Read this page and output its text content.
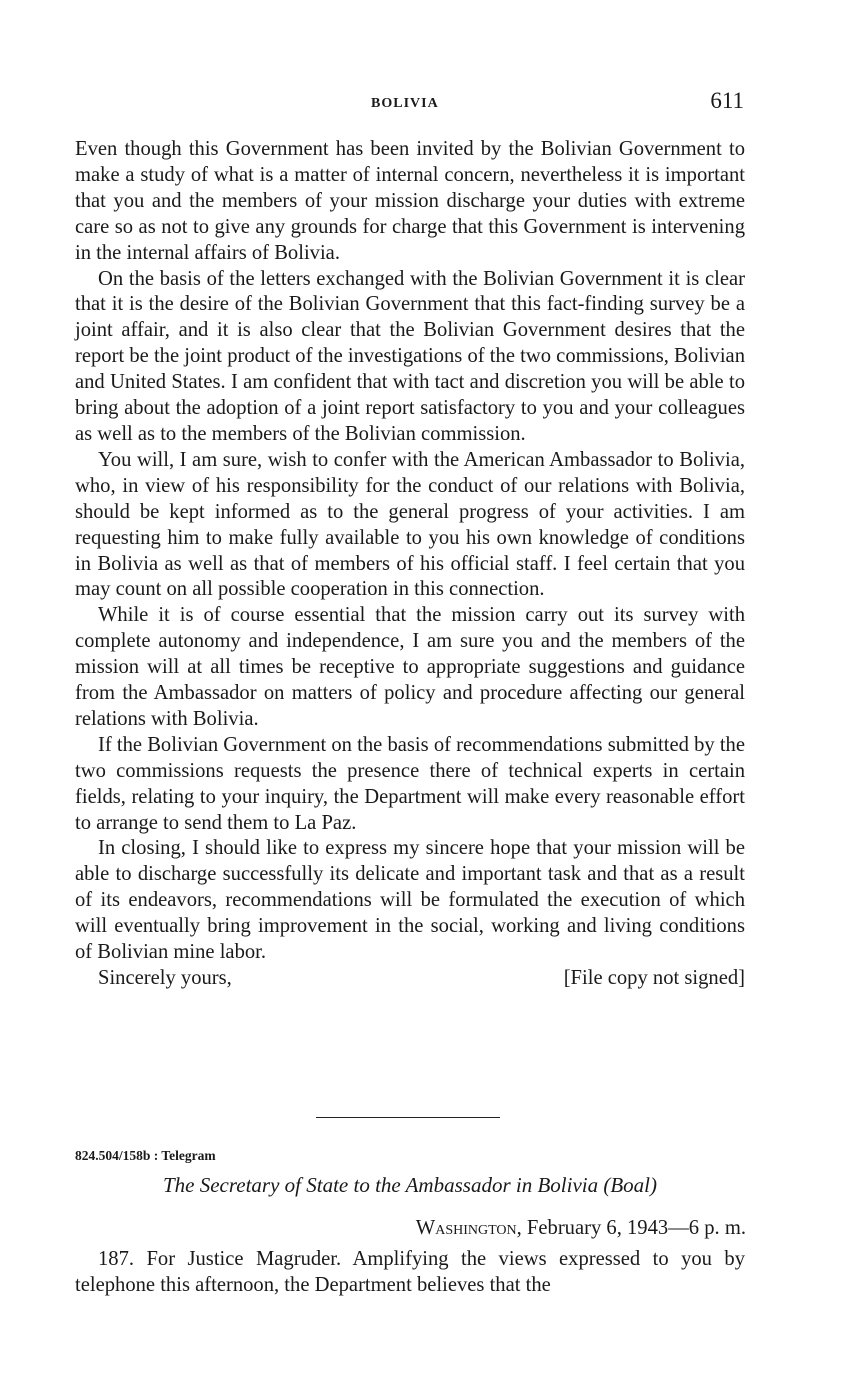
BOLIVIA	611

Even though this Government has been invited by the Bolivian Government to make a study of what is a matter of internal concern, nevertheless it is important that you and the members of your mission discharge your duties with extreme care so as not to give any grounds for charge that this Government is intervening in the internal affairs of Bolivia.

On the basis of the letters exchanged with the Bolivian Government it is clear that it is the desire of the Bolivian Government that this fact-finding survey be a joint affair, and it is also clear that the Bolivian Government desires that the report be the joint product of the investigations of the two commissions, Bolivian and United States. I am confident that with tact and discretion you will be able to bring about the adoption of a joint report satisfactory to you and your colleagues as well as to the members of the Bolivian commission.

You will, I am sure, wish to confer with the American Ambassador to Bolivia, who, in view of his responsibility for the conduct of our relations with Bolivia, should be kept informed as to the general progress of your activities. I am requesting him to make fully available to you his own knowledge of conditions in Bolivia as well as that of members of his official staff. I feel certain that you may count on all possible cooperation in this connection.

While it is of course essential that the mission carry out its survey with complete autonomy and independence, I am sure you and the members of the mission will at all times be receptive to appropriate suggestions and guidance from the Ambassador on matters of policy and procedure affecting our general relations with Bolivia.

If the Bolivian Government on the basis of recommendations submitted by the two commissions requests the presence there of technical experts in certain fields, relating to your inquiry, the Department will make every reasonable effort to arrange to send them to La Paz.

In closing, I should like to express my sincere hope that your mission will be able to discharge successfully its delicate and important task and that as a result of its endeavors, recommendations will be formulated the execution of which will eventually bring improvement in the social, working and living conditions of Bolivian mine labor.

Sincerely yours,	[File copy not signed]
824.504/158b : Telegram
The Secretary of State to the Ambassador in Bolivia (Boal)
Washington, February 6, 1943—6 p. m.

187. For Justice Magruder. Amplifying the views expressed to you by telephone this afternoon, the Department believes that the
